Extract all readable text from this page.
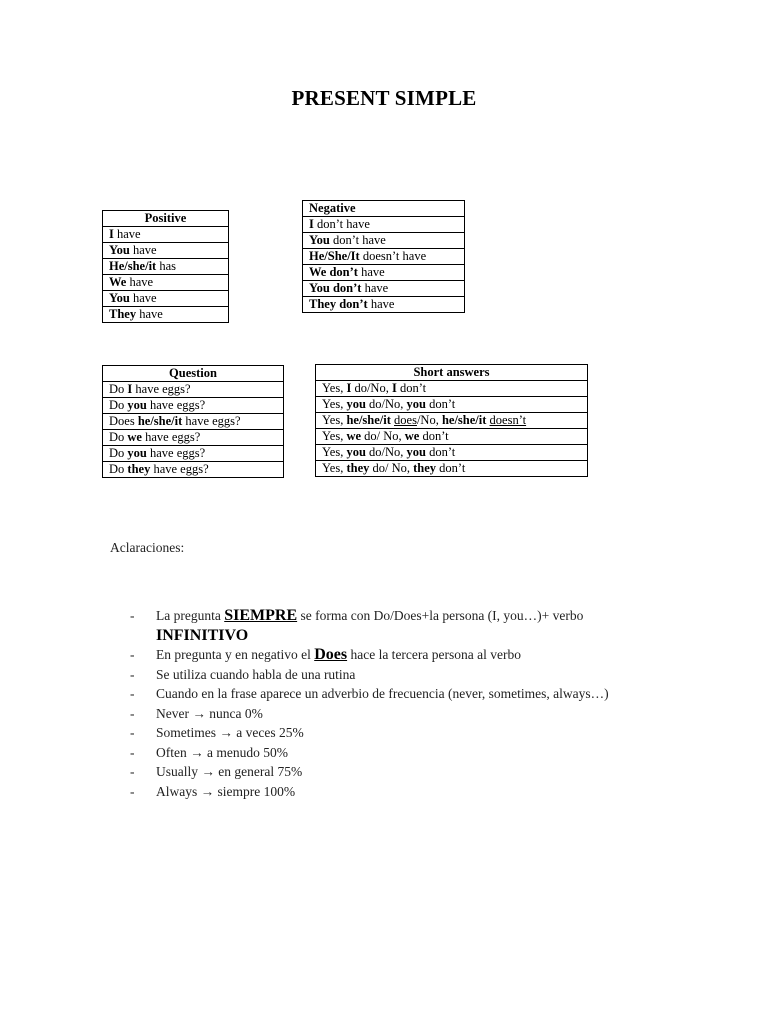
PRESENT SIMPLE
Positive
I have
You have
He/she/it has
We have
You have
They have
Negative
I don’t have
You don’t have
He/She/It doesn’t have
We don’t have
You don’t have
They don’t have
Question
Do I have eggs?
Do you have eggs?
Does he/she/it have eggs?
Do we have eggs?
Do you have eggs?
Do they have eggs?
Short answers
Yes, I do/No, I don’t
Yes, you do/No, you don’t
Yes, he/she/it does/No, he/she/it doesn’t
Yes, we do/ No, we don’t
Yes, you do/No, you don’t
Yes, they do/ No, they don’t
Aclaraciones:
- La pregunta SIEMPRE se forma con Do/Does+la persona (I, you…)+ verbo INFINITIVO
- En pregunta y en negativo el Does hace la tercera persona al verbo
- Se utiliza cuando habla de una rutina
- Cuando en la frase aparece un adverbio de frecuencia (never, sometimes, always…)
- Never → nunca 0%
- Sometimes → a veces 25%
- Often → a menudo 50%
- Usually → en general 75%
- Always → siempre 100%
